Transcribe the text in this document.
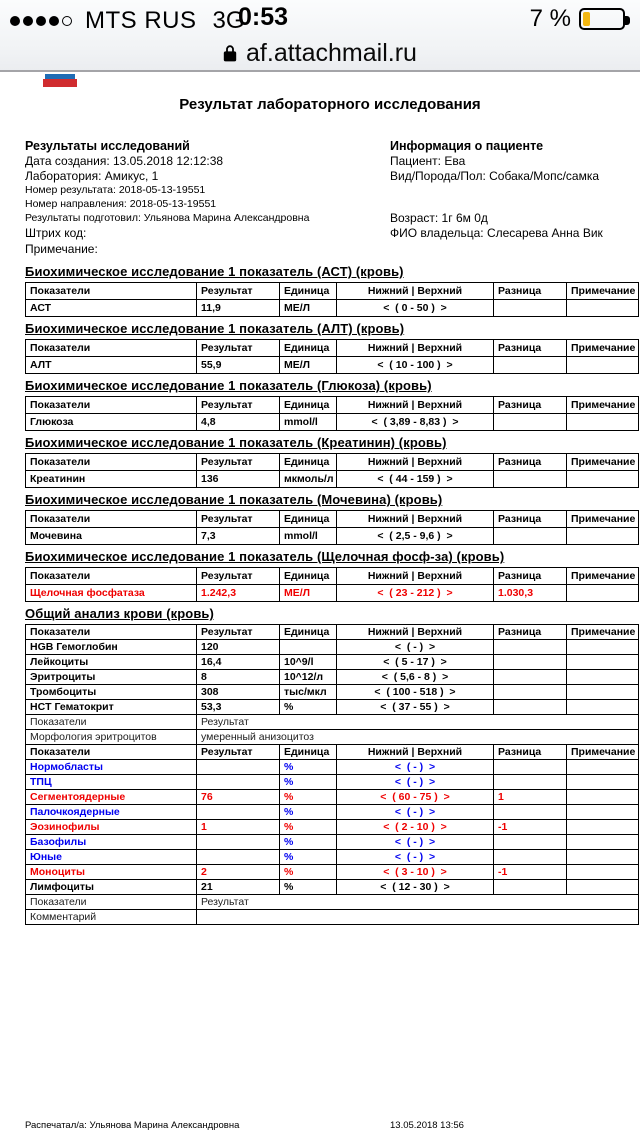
MTS RUS 3G
0:53	7 %
af.attachmail.ru
Результат лабораторного исследования
Результаты исследований
Дата создания: 13.05.2018 12:12:38
Лаборатория: Амикус, 1
Номер результата: 2018-05-13-19551
Номер направления: 2018-05-13-19551
Результаты подготовил: Ульянова Марина Александровна
Штрих код:
Примечание:
Информация о пациенте
Пациент: Ева
Вид/Порода/Пол: Собака/Мопс/самка
Возраст: 1г 6м 0д
ФИО владельца: Слесарева Анна Вик
Биохимическое исследование 1 показатель (АСТ) (кровь)
Показатели	Результат	Единица	Нижний | Верхний	Разница	Примечание
АСТ	11,9	МЕ/Л	<  ( 0 - 50 )  >		
Биохимическое исследование 1 показатель (АЛТ) (кровь)
Показатели	Результат	Единица	Нижний | Верхний	Разница	Примечание
АЛТ	55,9	МЕ/Л	<  ( 10 - 100 )  >		
Биохимическое исследование 1 показатель (Глюкоза) (кровь)
Показатели	Результат	Единица	Нижний | Верхний	Разница	Примечание
Глюкоза	4,8	mmol/l	<  ( 3,89 - 8,83 )  >		
Биохимическое исследование 1 показатель (Креатинин) (кровь)
Показатели	Результат	Единица	Нижний | Верхний	Разница	Примечание
Креатинин	136	мкмоль/л	<  ( 44 - 159 )  >		
Биохимическое исследование 1 показатель (Мочевина) (кровь)
Показатели	Результат	Единица	Нижний | Верхний	Разница	Примечание
Мочевина	7,3	mmol/l	<  ( 2,5 - 9,6 )  >		
Биохимическое исследование 1 показатель (Щелочная фосф-за) (кровь)
Показатели	Результат	Единица	Нижний | Верхний	Разница	Примечание
Щелочная фосфатаза	1.242,3	МЕ/Л	<  ( 23 - 212 )  >	1.030,3	
Общий анализ крови (кровь)
Показатели	Результат	Единица	Нижний | Верхний	Разница	Примечание
HGB Гемоглобин	120		<  ( - )  >		
Лейкоциты	16,4	10^9/l	<  ( 5 - 17 )  >		
Эритроциты	8	10^12/л	<  ( 5,6 - 8 )  >		
Тромбоциты	308	тыс/мкл	<  ( 100 - 518 )  >		
HCT Гематокрит	53,3	%	<  ( 37 - 55 )  >		
Показатели	Результат				
Морфология эритроцитов	умеренный анизоцитоз				
Показатели	Результат	Единица	Нижний | Верхний	Разница	Примечание
Нормобласты		%	<  ( - )  >		
ТПЦ		%	<  ( - )  >		
Сегментоядерные	76	%	<  ( 60 - 75 )  >	1	
Палочкоядерные		%	<  ( - )  >		
Эозинофилы	1	%	<  ( 2 - 10 )  >	-1	
Базофилы		%	<  ( - )  >		
Юные		%	<  ( - )  >		
Моноциты	2	%	<  ( 3 - 10 )  >	-1	
Лимфоциты	21	%	<  ( 12 - 30 )  >		
Показатели	Результат				
Комментарий					
Распечатал/а: Ульянова Марина Александровна	13.05.2018 13:56
